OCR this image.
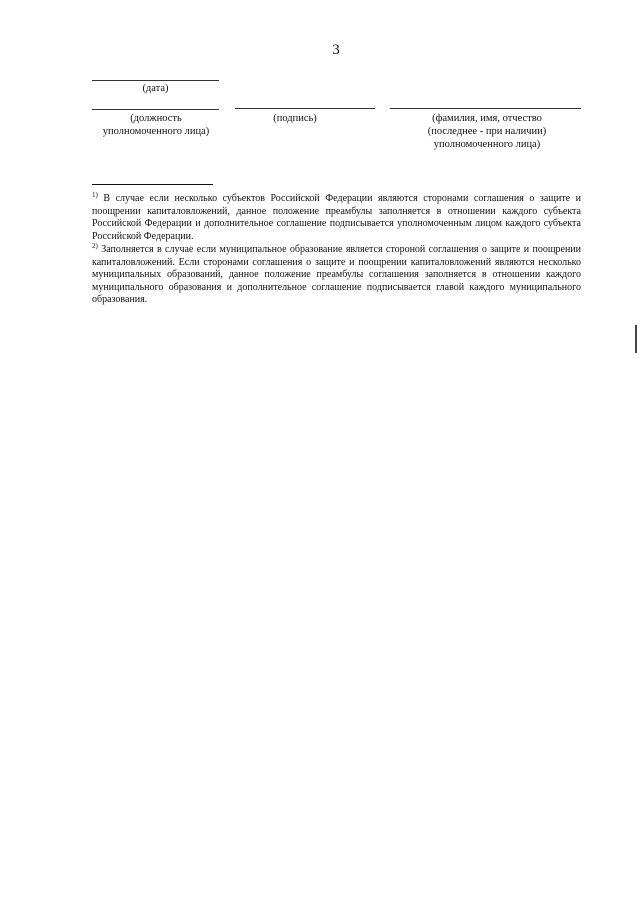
3
(дата)
(должность уполномоченного лица)
(подпись)	(фамилия, имя, отчество (последнее - при наличии) уполномоченного лица)
$^{1)}$ В случае если несколько субъектов Российской Федерации являются сторонами соглашения о защите и поощрении капиталовложений, данное положение преамбулы заполняется в отношении каждого субъекта Российской Федерации и дополнительное соглашение подписывается уполномоченным лицом каждого субъекта Российской Федерации.
$^{2)}$ Заполняется в случае если муниципальное образование является стороной соглашения о защите и поощрении капиталовложений. Если сторонами соглашения о защите и поощрении капиталовложений являются несколько муниципальных образований, данное положение преамбулы соглашения заполняется в отношении каждого муниципального образования и дополнительное соглашение подписывается главой каждого муниципального образования.
